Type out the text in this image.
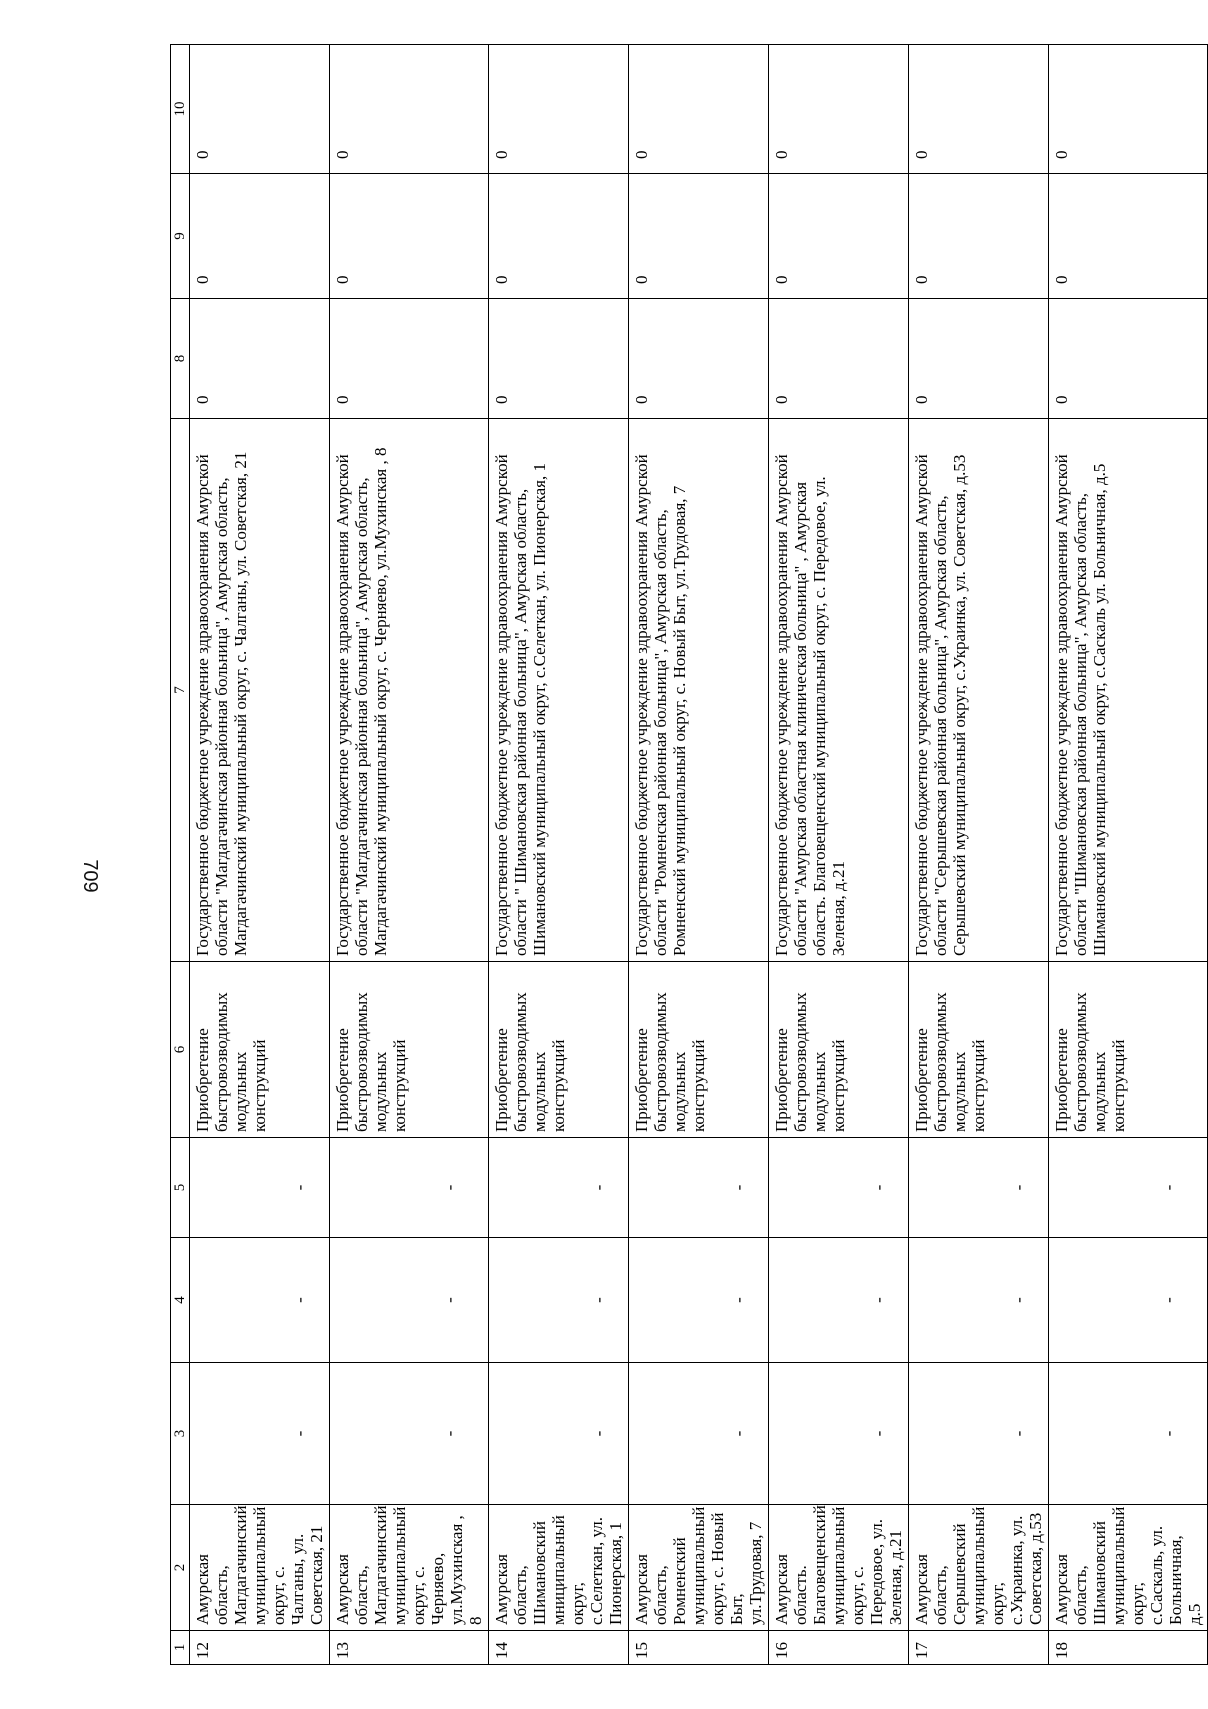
709
1	2	3	4	5	6	7	8	9	10
12	Амурская область, Магдагачинский муниципальный округ, с. Чалганы, ул. Советская, 21	-	-	-	Приобретение быстровозводимых модульных конструкций	Государственное бюджетное учреждение здравоохранения Амурской области "Магдагачинская районная больница", Амурская область, Магдагачинский муниципальный округ, с. Чалганы, ул. Советская, 21	0	0	0
13	Амурская область, Магдагачинский муниципальный округ, с. Черняево, ул.Мухинская , 8	-	-	-	Приобретение быстровозводимых модульных конструкций	Государственное бюджетное учреждение здравоохранения Амурской области "Магдагачинская районная больница", Амурская область, Магдагачинский муниципальный округ, с. Черняево, ул.Мухинская , 8	0	0	0
14	Амурская область, Шимановский мниципальный округ, с.Селеткан, ул. Пионерская, 1	-	-	-	Приобретение быстровозводимых модульных конструкций	Государственное бюджетное учреждение здравоохранения Амурской области " Шимановская районная больница", Амурская область, Шимановский муниципальный округ, с.Селеткан, ул. Пионерская, 1	0	0	0
15	Амурская область, Ромненский муниципальный округ, с. Новый Быт, ул.Трудовая, 7	-	-	-	Приобретение быстровозводимых модульных конструкций	Государственное бюджетное учреждение здравоохранения Амурской области "Ромненская районная больница", Амурская область, Ромненский муниципальный округ, с. Новый Быт, ул.Трудовая, 7	0	0	0
16	Амурская область. Благовещенский муниципальный округ, с. Передовое, ул. Зеленая, д.21	-	-	-	Приобретение быстровозводимых модульных конструкций	Государственное бюджетное учреждение здравоохранения Амурской области "Амурская областная клиническая больница" , Амурская область. Благовещенский муниципальный округ, с. Передовое, ул. Зеленая, д.21	0	0	0
17	Амурская область, Серышевский муниципальный округ, с.Украинка, ул. Советская, д.53	-	-	-	Приобретение быстровозводимых модульных конструкций	Государственное бюджетное учреждение здравоохранения Амурской области "Серышевская районная больница", Амурская область, Серышевский муниципальный округ, с.Украинка, ул. Советская, д.53	0	0	0
18	Амурская область, Шимановский муниципальный округ, с.Саскаль, ул. Больничная, д.5	-	-	-	Приобретение быстровозводимых модульных конструкций	Государственное бюджетное учреждение здравоохранения Амурской области "Шимановская районная больница", Амурская область, Шимановский муниципальный округ, с.Саскаль ул. Больничная, д.5	0	0	0
